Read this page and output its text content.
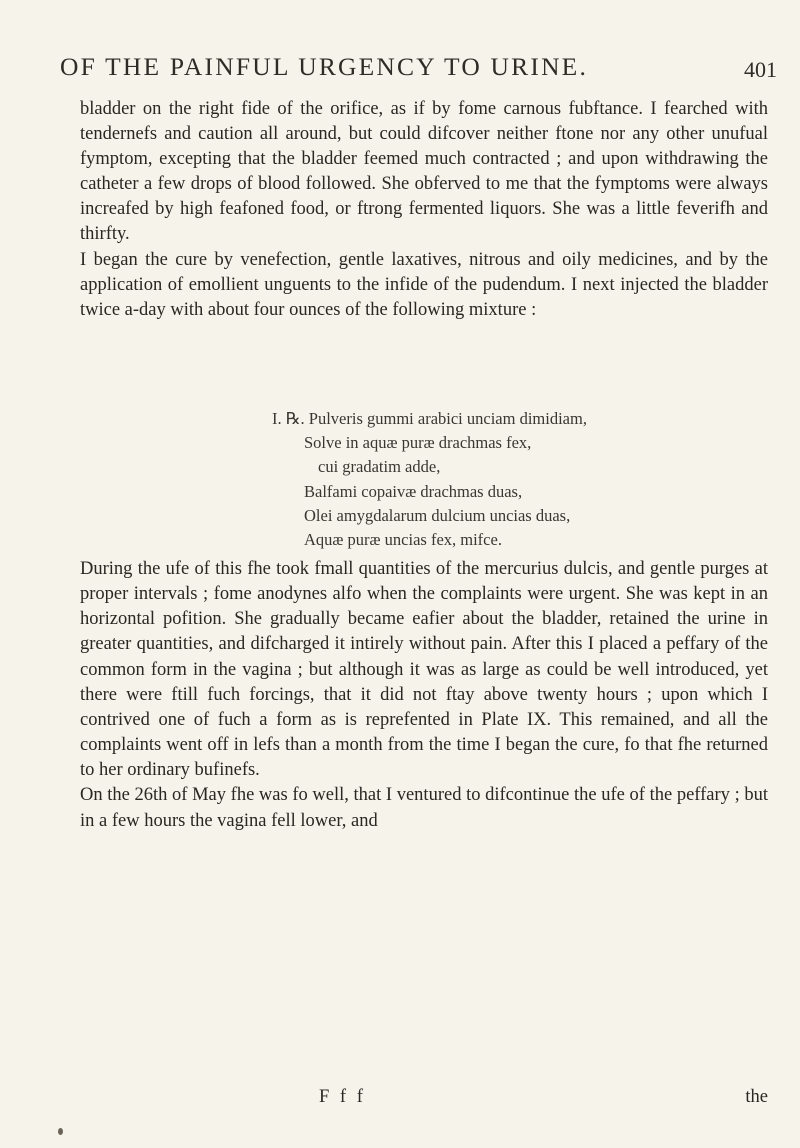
OF THE PAINFUL URGENCY TO URINE.	401

bladder on the right fide of the orifice, as if by fome carnous fubftance. I fearched with tendernefs and caution all around, but could difcover neither ftone nor any other unufual fymptom, excepting that the bladder feemed much contracted ; and upon withdrawing the catheter a few drops of blood followed. She obferved to me that the fymptoms were always increafed by high feafoned food, or ftrong fermented liquors. She was a little feverifh and thirfty.

I began the cure by venefection, gentle laxatives, nitrous and oily medicines, and by the application of emollient unguents to the infide of the pudendum. I next injected the bladder twice a-day with about four ounces of the following mixture :

I. ℞. Pulveris gummi arabici unciam dimidiam,
Solve in aquæ puræ drachmas fex,
cui gradatim adde,
Balfami copaivæ drachmas duas,
Olei amygdalarum dulcium uncias duas,
Aquæ puræ uncias fex, mifce.

During the ufe of this fhe took fmall quantities of the mercurius dulcis, and gentle purges at proper intervals ; fome anodynes alfo when the complaints were urgent. She was kept in an horizontal pofition. She gradually became eafier about the bladder, retained the urine in greater quantities, and difcharged it intirely without pain. After this I placed a peffary of the common form in the vagina ; but although it was as large as could be well introduced, yet there were ftill fuch forcings, that it did not ftay above twenty hours ; upon which I contrived one of fuch a form as is reprefented in Plate IX. This remained, and all the complaints went off in lefs than a month from the time I began the cure, fo that fhe returned to her ordinary bufinefs.

On the 26th of May fhe was fo well, that I ventured to difcontinue the ufe of the peffary ; but in a few hours the vagina fell lower, and

F f f	the
